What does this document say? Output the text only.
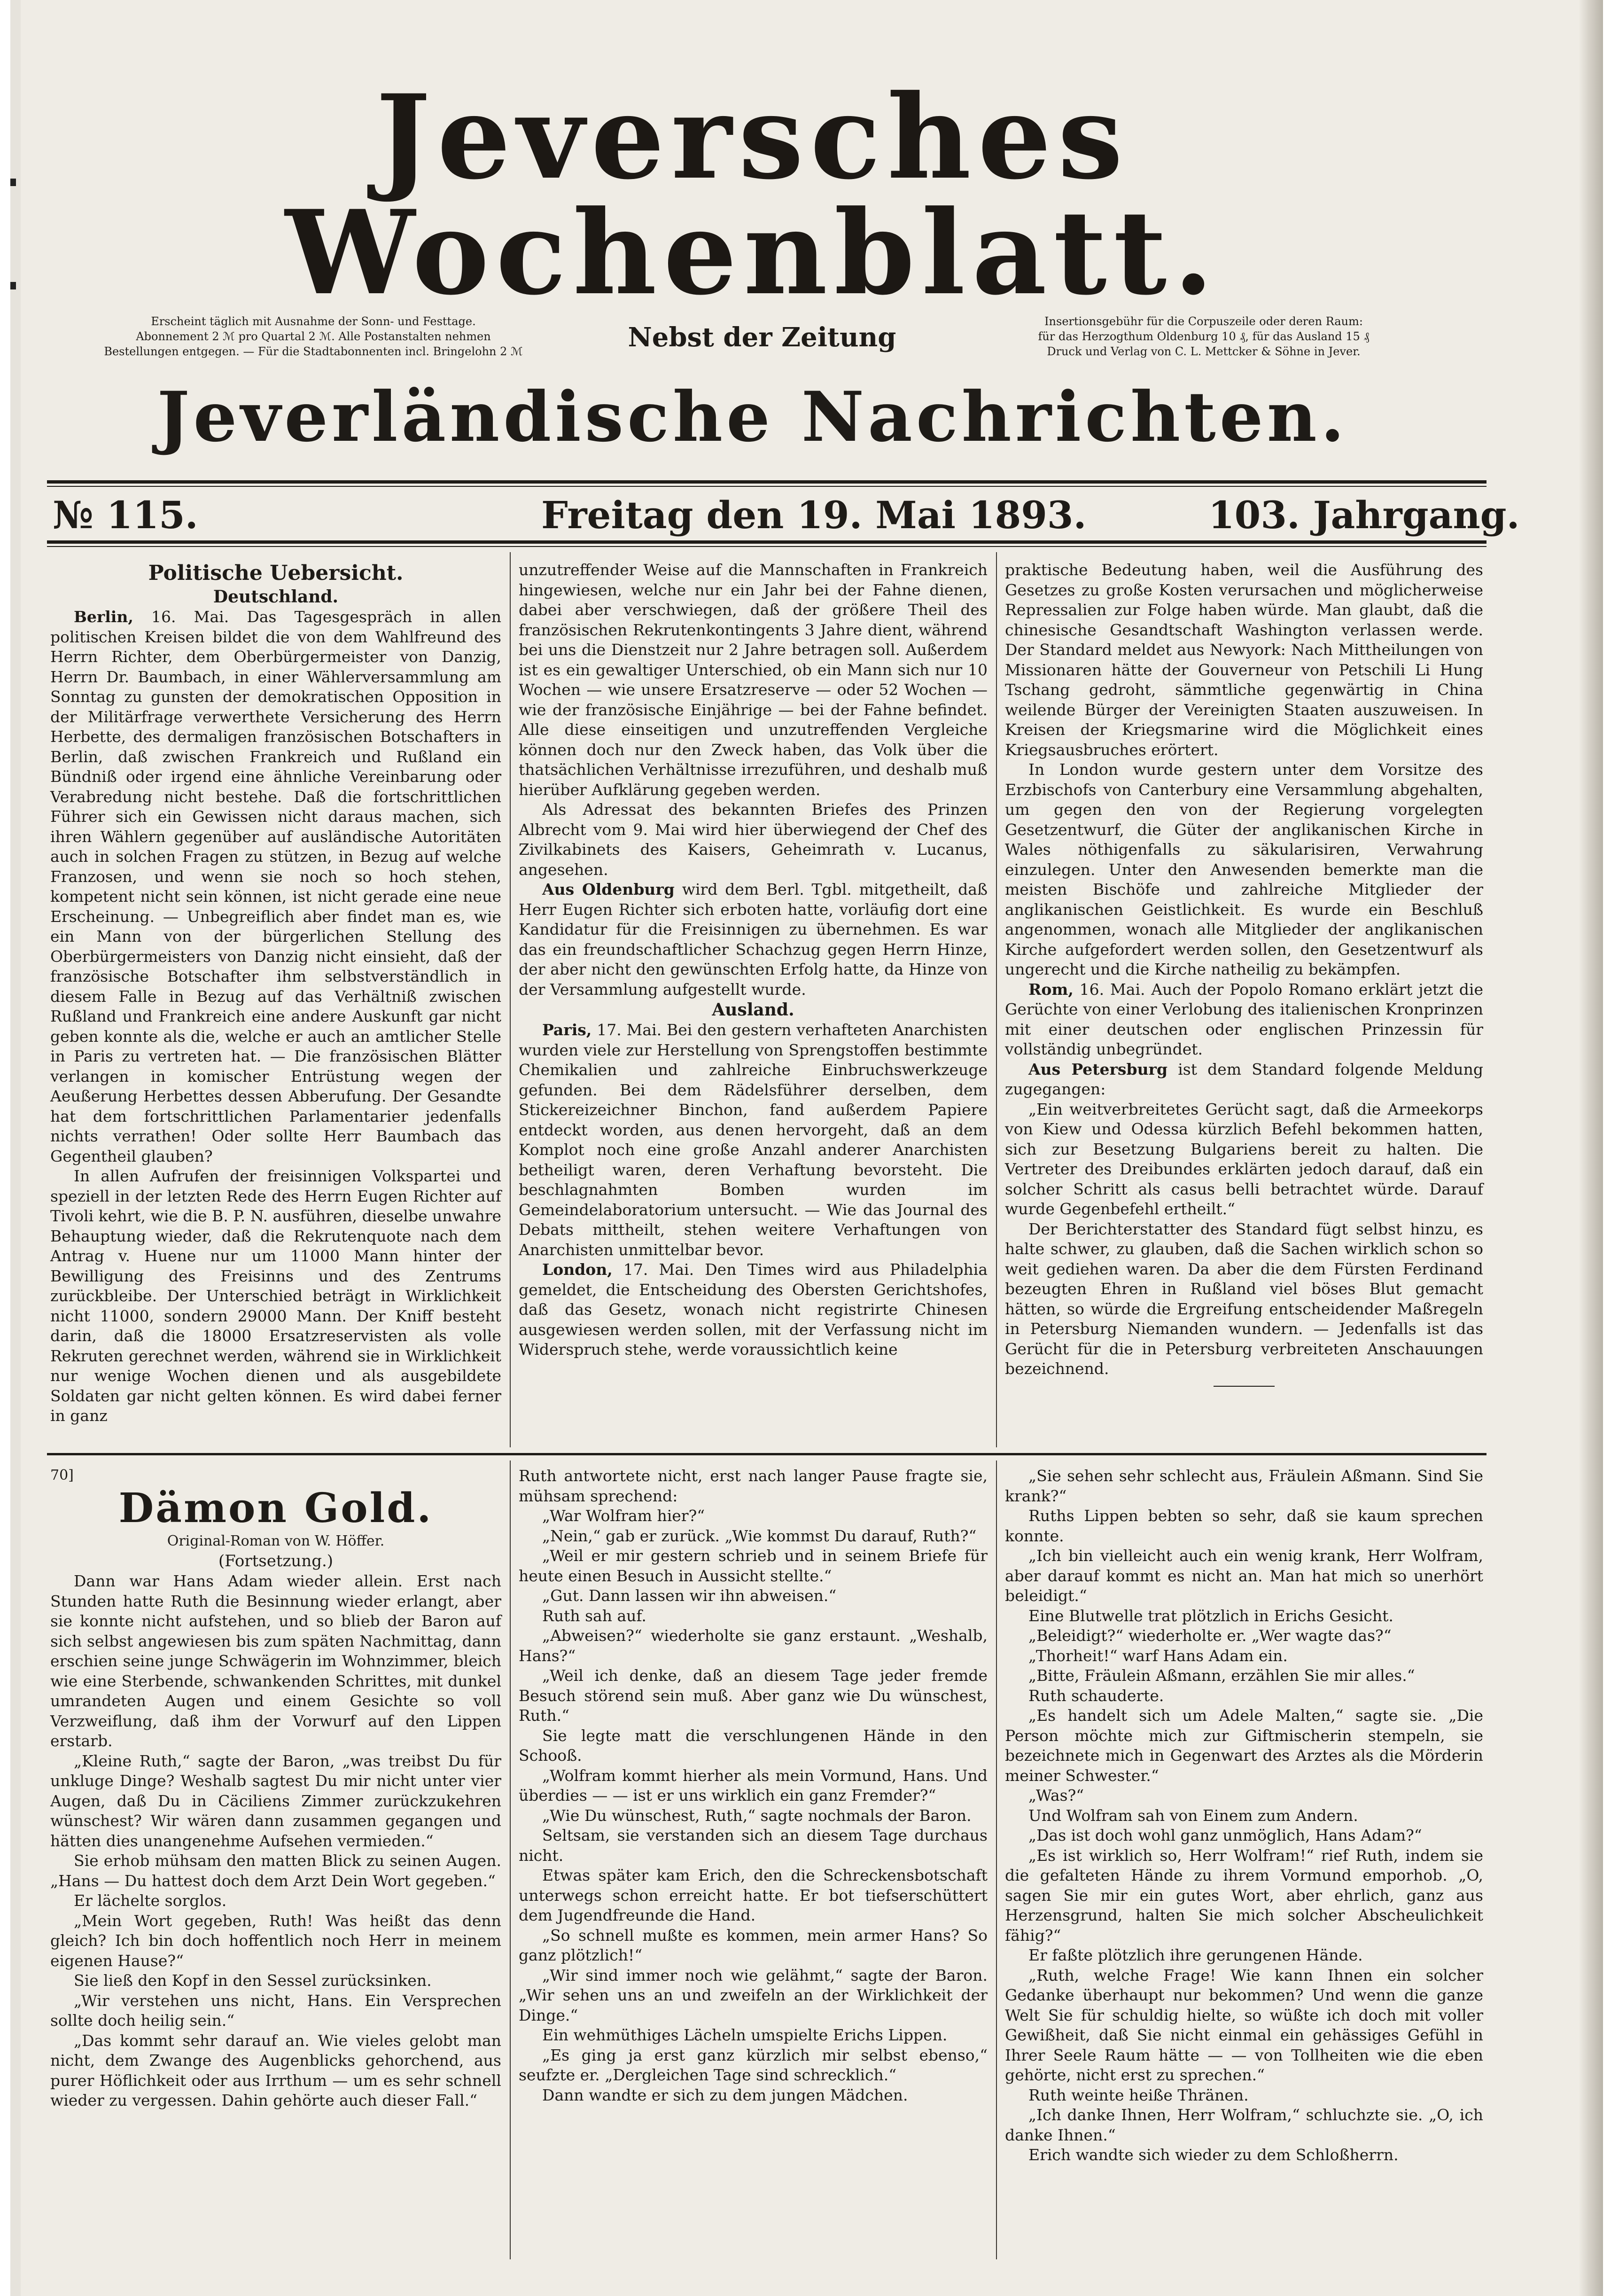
Jeversches Wochenblatt.
Erscheint täglich mit Ausnahme der Sonn- und Festtage.
Abonnement 2 ℳ pro Quartal 2 ℳ. Alle Postanstalten nehmen
Bestellungen entgegen. — Für die Stadtabonnenten incl. Bringelohn 2 ℳ	Nebst der Zeitung
Insertionsgebühr für die Corpuszeile oder deren Raum:
für das Herzogthum Oldenburg 10 ₰, für das Ausland 15 ₰
Druck und Verlag von C. L. Mettcker & Söhne in Jever.
Jeverländische Nachrichten.
№ 115.	Freitag den 19. Mai 1893.	103. Jahrgang.
Politische Uebersicht.
Deutschland.

Berlin, 16. Mai. Das Tagesgespräch in allen politischen Kreisen bildet die von dem Wahlfreund des Herrn Richter, dem Oberbürgermeister von Danzig, Herrn Dr. Baumbach, in einer Wählerversammlung am Sonntag zu gunsten der demokratischen Opposition in der Militärfrage verwerthete Versicherung des Herrn Herbette, des dermaligen französischen Botschafters in Berlin, daß zwischen Frankreich und Rußland ein Bündniß oder irgend eine ähnliche Vereinbarung oder Verabredung nicht bestehe. Daß die fortschrittlichen Führer sich ein Gewissen nicht daraus machen, sich ihren Wählern gegenüber auf ausländische Autoritäten auch in solchen Fragen zu stützen, in Bezug auf welche Franzosen, und wenn sie noch so hoch stehen, kompetent nicht sein können, ist nicht gerade eine neue Erscheinung. — Unbegreiflich aber findet man es, wie ein Mann von der bürgerlichen Stellung des Oberbürgermeisters von Danzig nicht einsieht, daß der französische Botschafter ihm selbstverständlich in diesem Falle in Bezug auf das Verhältniß zwischen Rußland und Frankreich eine andere Auskunft gar nicht geben konnte als die, welche er auch an amtlicher Stelle in Paris zu vertreten hat. — Die französischen Blätter verlangen in komischer Entrüstung wegen der Aeußerung Herbettes dessen Abberufung. Der Gesandte hat dem fortschrittlichen Parlamentarier jedenfalls nichts verrathen! Oder sollte Herr Baumbach das Gegentheil glauben?

In allen Aufrufen der freisinnigen Volkspartei und speziell in der letzten Rede des Herrn Eugen Richter auf Tivoli kehrt, wie die B. P. N. ausführen, dieselbe unwahre Behauptung wieder, daß die Rekrutenquote nach dem Antrag v. Huene nur um 11000 Mann hinter der Bewilligung des Freisinns und des Zentrums zurückbleibe. Der Unterschied beträgt in Wirklichkeit nicht 11000, sondern 29000 Mann. Der Kniff besteht darin, daß die 18000 Ersatzreservisten als volle Rekruten gerechnet werden, während sie in Wirklichkeit nur wenige Wochen dienen und als ausgebildete Soldaten gar nicht gelten können. Es wird dabei ferner in ganz

unzutreffender Weise auf die Mannschaften in Frankreich hingewiesen, welche nur ein Jahr bei der Fahne dienen, dabei aber verschwiegen, daß der größere Theil des französischen Rekrutenkontingents 3 Jahre dient, während bei uns die Dienstzeit nur 2 Jahre betragen soll. Außerdem ist es ein gewaltiger Unterschied, ob ein Mann sich nur 10 Wochen — wie unsere Ersatzreserve — oder 52 Wochen — wie der französische Einjährige — bei der Fahne befindet. Alle diese einseitigen und unzutreffenden Vergleiche können doch nur den Zweck haben, das Volk über die thatsächlichen Verhältnisse irrezuführen, und deshalb muß hierüber Aufklärung gegeben werden.

Als Adressat des bekannten Briefes des Prinzen Albrecht vom 9. Mai wird hier überwiegend der Chef des Zivilkabinets des Kaisers, Geheimrath v. Lucanus, angesehen.

Aus Oldenburg wird dem Berl. Tgbl. mitgetheilt, daß Herr Eugen Richter sich erboten hatte, vorläufig dort eine Kandidatur für die Freisinnigen zu übernehmen. Es war das ein freundschaftlicher Schachzug gegen Herrn Hinze, der aber nicht den gewünschten Erfolg hatte, da Hinze von der Versammlung aufgestellt wurde.

Ausland.

Paris, 17. Mai. Bei den gestern verhafteten Anarchisten wurden viele zur Herstellung von Sprengstoffen bestimmte Chemikalien und zahlreiche Einbruchswerkzeuge gefunden. Bei dem Rädelsführer derselben, dem Stickereizeichner Binchon, fand außerdem Papiere entdeckt worden, aus denen hervorgeht, daß an dem Komplot noch eine große Anzahl anderer Anarchisten betheiligt waren, deren Verhaftung bevorsteht. Die beschlagnahmten Bomben wurden im Gemeindelaboratorium untersucht. — Wie das Journal des Debats mittheilt, stehen weitere Verhaftungen von Anarchisten unmittelbar bevor.

London, 17. Mai. Den Times wird aus Philadelphia gemeldet, die Entscheidung des Obersten Gerichtshofes, daß das Gesetz, wonach nicht registrirte Chinesen ausgewiesen werden sollen, mit der Verfassung nicht im Widerspruch stehe, werde voraussichtlich keine

praktische Bedeutung haben, weil die Ausführung des Gesetzes zu große Kosten verursachen und möglicherweise Repressalien zur Folge haben würde. Man glaubt, daß die chinesische Gesandtschaft Washington verlassen werde. Der Standard meldet aus Newyork: Nach Mittheilungen von Missionaren hätte der Gouverneur von Petschili Li Hung Tschang gedroht, sämmtliche gegenwärtig in China weilende Bürger der Vereinigten Staaten auszuweisen. In Kreisen der Kriegsmarine wird die Möglichkeit eines Kriegsausbruches erörtert.

In London wurde gestern unter dem Vorsitze des Erzbischofs von Canterbury eine Versammlung abgehalten, um gegen den von der Regierung vorgelegten Gesetzentwurf, die Güter der anglikanischen Kirche in Wales nöthigenfalls zu säkularisiren, Verwahrung einzulegen. Unter den Anwesenden bemerkte man die meisten Bischöfe und zahlreiche Mitglieder der anglikanischen Geistlichkeit. Es wurde ein Beschluß angenommen, wonach alle Mitglieder der anglikanischen Kirche aufgefordert werden sollen, den Gesetzentwurf als ungerecht und die Kirche natheilig zu bekämpfen.

Rom, 16. Mai. Auch der Popolo Romano erklärt jetzt die Gerüchte von einer Verlobung des italienischen Kronprinzen mit einer deutschen oder englischen Prinzessin für vollständig unbegründet.

Aus Petersburg ist dem Standard folgende Meldung zugegangen:

„Ein weitverbreitetes Gerücht sagt, daß die Armeekorps von Kiew und Odessa kürzlich Befehl bekommen hatten, sich zur Besetzung Bulgariens bereit zu halten. Die Vertreter des Dreibundes erklärten jedoch darauf, daß ein solcher Schritt als casus belli betrachtet würde. Darauf wurde Gegenbefehl ertheilt.“

Der Berichterstatter des Standard fügt selbst hinzu, es halte schwer, zu glauben, daß die Sachen wirklich schon so weit gediehen waren. Da aber die dem Fürsten Ferdinand bezeugten Ehren in Rußland viel böses Blut gemacht hätten, so würde die Ergreifung entscheidender Maßregeln in Petersburg Niemanden wundern. — Jedenfalls ist das Gerücht für die in Petersburg verbreiteten Anschauungen bezeichnend.

70]
Dämon Gold.
Original-Roman von W. Höffer.
(Fortsetzung.)

Dann war Hans Adam wieder allein. Erst nach Stunden hatte Ruth die Besinnung wieder erlangt, aber sie konnte nicht aufstehen, und so blieb der Baron auf sich selbst angewiesen bis zum späten Nachmittag, dann erschien seine junge Schwägerin im Wohnzimmer, bleich wie eine Sterbende, schwankenden Schrittes, mit dunkel umrandeten Augen und einem Gesichte so voll Verzweiflung, daß ihm der Vorwurf auf den Lippen erstarb.

„Kleine Ruth,“ sagte der Baron, „was treibst Du für unkluge Dinge? Weshalb sagtest Du mir nicht unter vier Augen, daß Du in Cäciliens Zimmer zurückzukehren wünschest? Wir wären dann zusammen gegangen und hätten dies unangenehme Aufsehen vermieden.“

Sie erhob mühsam den matten Blick zu seinen Augen. „Hans — Du hattest doch dem Arzt Dein Wort gegeben.“

Er lächelte sorglos.

„Mein Wort gegeben, Ruth! Was heißt das denn gleich? Ich bin doch hoffentlich noch Herr in meinem eigenen Hause?“

Sie ließ den Kopf in den Sessel zurücksinken.

„Wir verstehen uns nicht, Hans. Ein Versprechen sollte doch heilig sein.“

„Das kommt sehr darauf an. Wie vieles gelobt man nicht, dem Zwange des Augenblicks gehorchend, aus purer Höflichkeit oder aus Irrthum — um es sehr schnell wieder zu vergessen. Dahin gehörte auch dieser Fall.“

Ruth antwortete nicht, erst nach langer Pause fragte sie, mühsam sprechend:

„War Wolfram hier?“

„Nein,“ gab er zurück. „Wie kommst Du darauf, Ruth?“

„Weil er mir gestern schrieb und in seinem Briefe für heute einen Besuch in Aussicht stellte.“

„Gut. Dann lassen wir ihn abweisen.“

Ruth sah auf.

„Abweisen?“ wiederholte sie ganz erstaunt. „Weshalb, Hans?“

„Weil ich denke, daß an diesem Tage jeder fremde Besuch störend sein muß. Aber ganz wie Du wünschest, Ruth.“

Sie legte matt die verschlungenen Hände in den Schooß.

„Wolfram kommt hierher als mein Vormund, Hans. Und überdies — — ist er uns wirklich ein ganz Fremder?“

„Wie Du wünschest, Ruth,“ sagte nochmals der Baron.

Seltsam, sie verstanden sich an diesem Tage durchaus nicht.

Etwas später kam Erich, den die Schreckensbotschaft unterwegs schon erreicht hatte. Er bot tiefserschüttert dem Jugendfreunde die Hand.

„So schnell mußte es kommen, mein armer Hans? So ganz plötzlich!“

„Wir sind immer noch wie gelähmt,“ sagte der Baron. „Wir sehen uns an und zweifeln an der Wirklichkeit der Dinge.“

Ein wehmüthiges Lächeln umspielte Erichs Lippen.

„Es ging ja erst ganz kürzlich mir selbst ebenso,“ seufzte er. „Dergleichen Tage sind schrecklich.“

Dann wandte er sich zu dem jungen Mädchen.

„Sie sehen sehr schlecht aus, Fräulein Aßmann. Sind Sie krank?“

Ruths Lippen bebten so sehr, daß sie kaum sprechen konnte.

„Ich bin vielleicht auch ein wenig krank, Herr Wolfram, aber darauf kommt es nicht an. Man hat mich so unerhört beleidigt.“

Eine Blutwelle trat plötzlich in Erichs Gesicht.

„Beleidigt?“ wiederholte er. „Wer wagte das?“

„Thorheit!“ warf Hans Adam ein.

„Bitte, Fräulein Aßmann, erzählen Sie mir alles.“

Ruth schauderte.

„Es handelt sich um Adele Malten,“ sagte sie. „Die Person möchte mich zur Giftmischerin stempeln, sie bezeichnete mich in Gegenwart des Arztes als die Mörderin meiner Schwester.“

„Was?“

Und Wolfram sah von Einem zum Andern.

„Das ist doch wohl ganz unmöglich, Hans Adam?“

„Es ist wirklich so, Herr Wolfram!“ rief Ruth, indem sie die gefalteten Hände zu ihrem Vormund emporhob. „O, sagen Sie mir ein gutes Wort, aber ehrlich, ganz aus Herzensgrund, halten Sie mich solcher Abscheulichkeit fähig?“

Er faßte plötzlich ihre gerungenen Hände.

„Ruth, welche Frage! Wie kann Ihnen ein solcher Gedanke überhaupt nur bekommen? Und wenn die ganze Welt Sie für schuldig hielte, so wüßte ich doch mit voller Gewißheit, daß Sie nicht einmal ein gehässiges Gefühl in Ihrer Seele Raum hätte — — von Tollheiten wie die eben gehörte, nicht erst zu sprechen.“

Ruth weinte heiße Thränen.

„Ich danke Ihnen, Herr Wolfram,“ schluchzte sie. „O, ich danke Ihnen.“

Erich wandte sich wieder zu dem Schloßherrn.
